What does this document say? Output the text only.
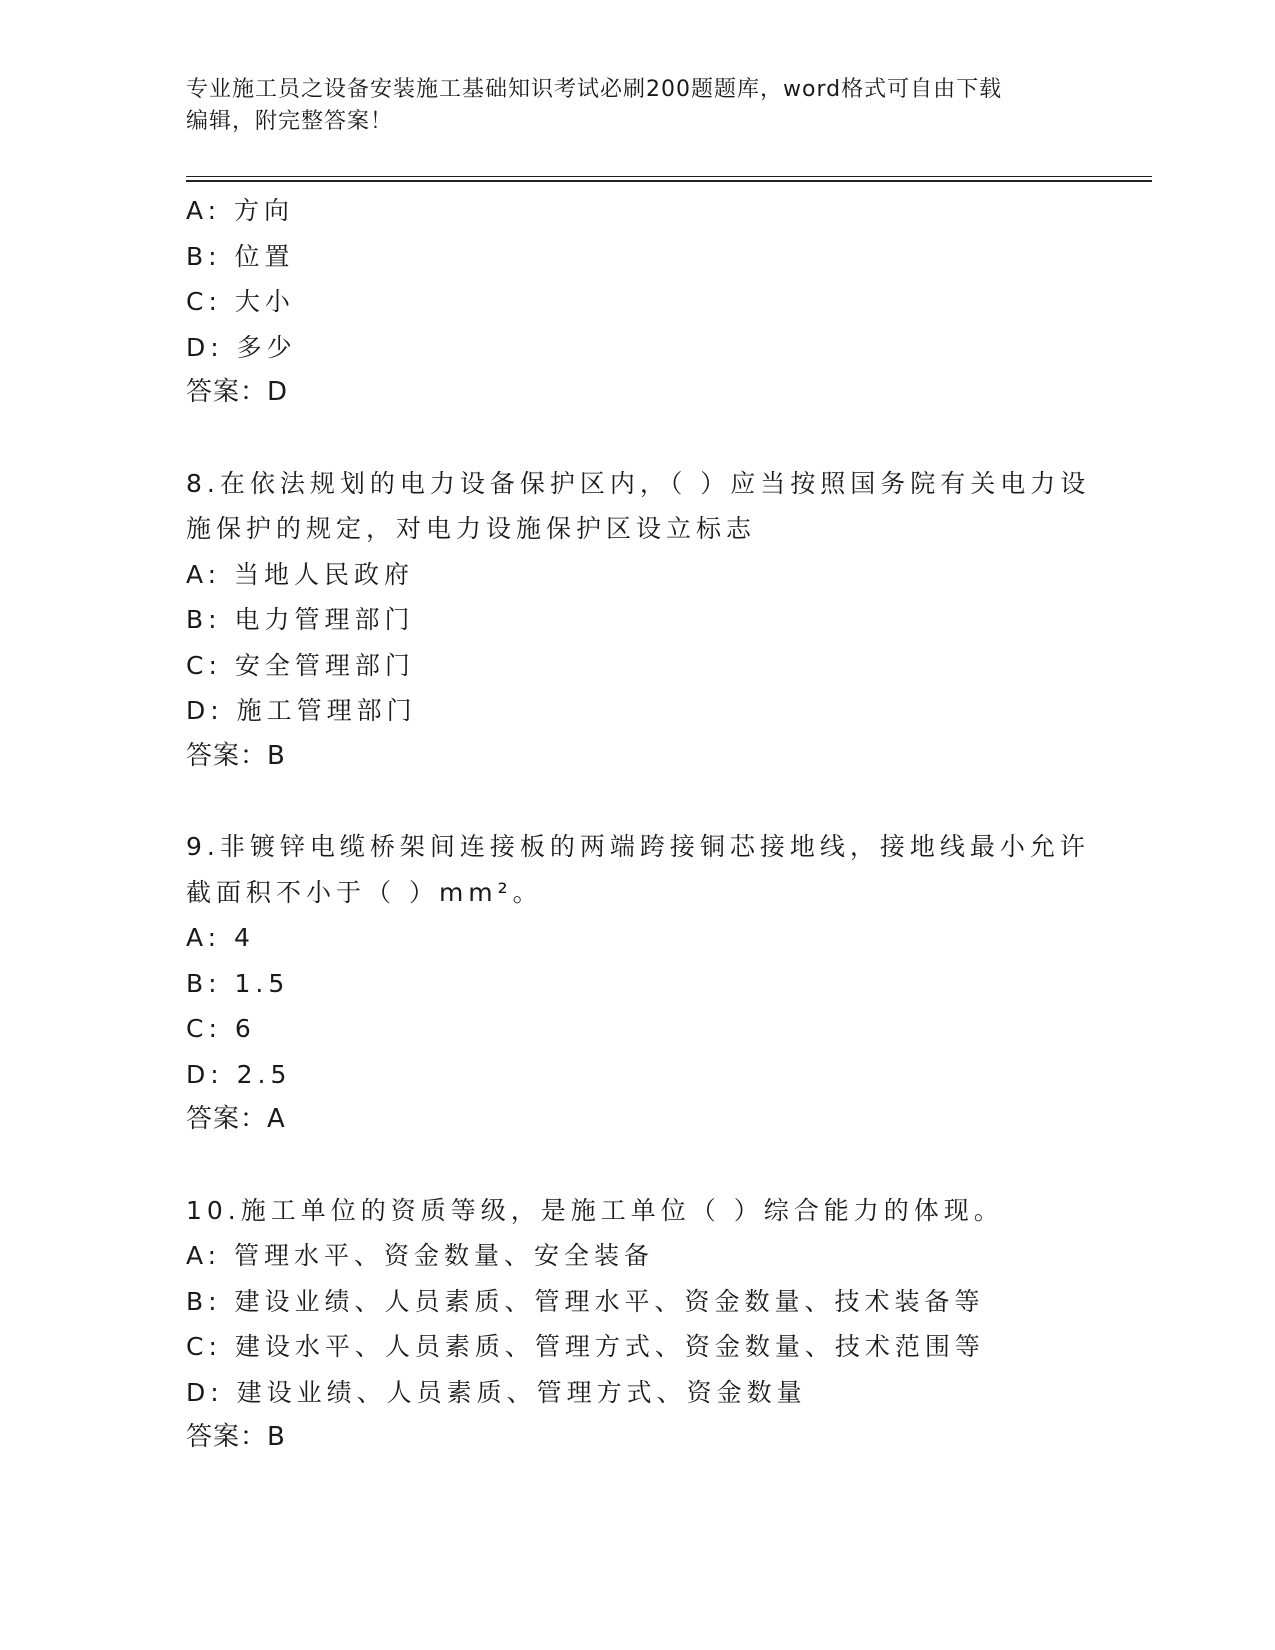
专业施工员之设备安装施工基础知识考试必刷200题题库，word格式可自由下载
编辑，附完整答案！
A: 方向
B: 位置
C: 大小
D: 多少
答案：D
8.在依法规划的电力设备保护区内，（ ）应当按照国务院有关电力设
施保护的规定，对电力设施保护区设立标志
A: 当地人民政府
B: 电力管理部门
C: 安全管理部门
D: 施工管理部门
答案：B
9.非镀锌电缆桥架间连接板的两端跨接铜芯接地线，接地线最小允许
截面积不小于（ ）mm²。
A: 4
B: 1.5
C: 6
D: 2.5
答案：A
10.施工单位的资质等级，是施工单位（ ）综合能力的体现。
A: 管理水平、资金数量、安全装备
B: 建设业绩、人员素质、管理水平、资金数量、技术装备等
C: 建设水平、人员素质、管理方式、资金数量、技术范围等
D: 建设业绩、人员素质、管理方式、资金数量
答案：B
